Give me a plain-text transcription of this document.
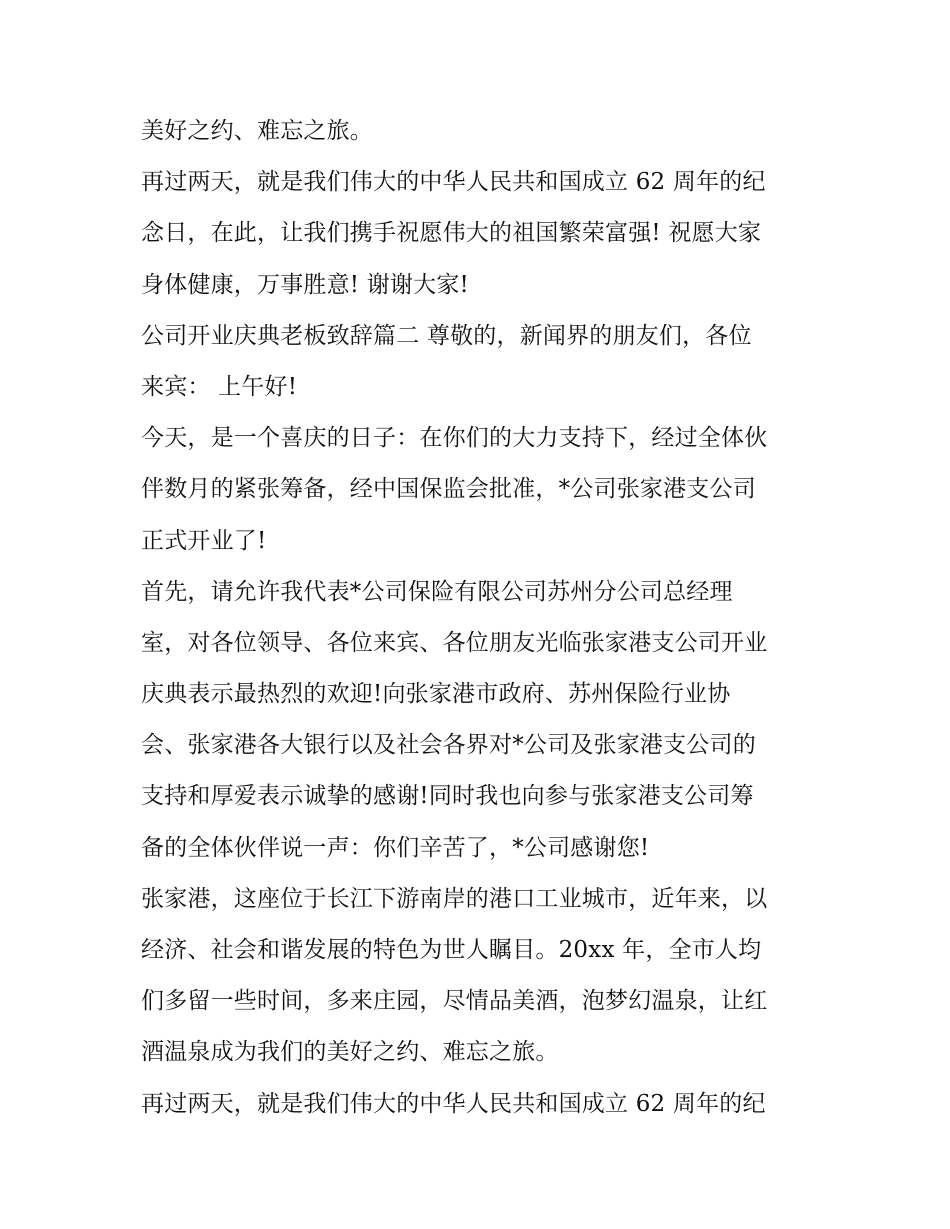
美好之约、难忘之旅。
再过两天，就是我们伟大的中华人民共和国成立 62 周年的纪
念日，在此，让我们携手祝愿伟大的祖国繁荣富强! 祝愿大家
身体健康，万事胜意! 谢谢大家!
公司开业庆典老板致辞篇二 尊敬的，新闻界的朋友们，各位
来宾： 上午好!
今天，是一个喜庆的日子：在你们的大力支持下，经过全体伙
伴数月的紧张筹备，经中国保监会批准，*公司张家港支公司
正式开业了!
首先，请允许我代表*公司保险有限公司苏州分公司总经理
室，对各位领导、各位来宾、各位朋友光临张家港支公司开业
庆典表示最热烈的欢迎!向张家港市政府、苏州保险行业协
会、张家港各大银行以及社会各界对*公司及张家港支公司的
支持和厚爱表示诚挚的感谢!同时我也向参与张家港支公司筹
备的全体伙伴说一声：你们辛苦了，*公司感谢您!
张家港，这座位于长江下游南岸的港口工业城市，近年来，以
经济、社会和谐发展的特色为世人瞩目。20xx 年，全市人均
们多留一些时间，多来庄园，尽情品美酒，泡梦幻温泉，让红
酒温泉成为我们的美好之约、难忘之旅。
再过两天，就是我们伟大的中华人民共和国成立 62 周年的纪
